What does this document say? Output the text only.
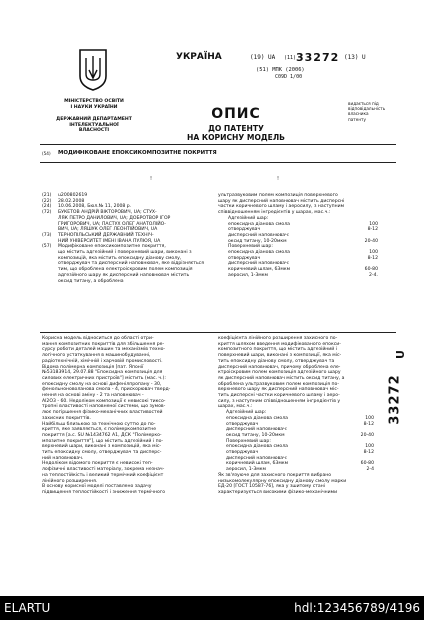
МІНІСТЕРСТВО ОСВІТИ
І НАУКИ УКРАЇНИ
ДЕРЖАВНИЙ ДЕПАРТАМЕНТ
ІНТЕЛЕКТУАЛЬНОЇ
ВЛАСНОСТІ
УКРАЇНА	(19) UA (11) 33272 (13) U
(51) МПК (2006)
C09D 1/00
видається під
відповідальність
власника
патенту
ОПИС
ДО ПАТЕНТУ
НА КОРИСНУ МОДЕЛЬ
(54) МОДИФІКОВАНЕ ЕПОКСИКОМПОЗИТНЕ ПОКРИТТЯ
!	!
(21)	u200802619
(22)	28.02.2008
(24)	10.06.2008, Бюл.№ 11, 2008 р.
(72)	БУКЕТОВ АНДРІЙ ВІКТОРОВИЧ, UA; СТУХ-
ЛЯК ПЕТРО ДАНИЛОВИЧ, UA; ДОБРОТВОР ІГОР
ГРИГОРОВИЧ, UA; ПАСТУХ ОЛЕГ АНАТОЛІЙО-
ВИЧ, UA; ЛЯШУК ОЛЕГ ЛЕОНТІЙОВИЧ, UA
(73)	ТЕРНОПІЛЬСЬКИЙ ДЕРЖАВНИЙ ТЕХНІЧ-
НИЙ УНІВЕРСИТЕТ ІМЕНІ ІВАНА ПУЛЮЯ, UA
(57)	Модифіковане епоксикомпозитне покриття,
що містить адгезійний і поверхневий шари, виконані з
композицій, яка містить епоксидну діанову смолу,
отверджувач та дисперсний наповнювач, яке відрізняється
тим, що оброблена електроіскровим полем композиція
адгезійного шару як дисперсний наповнювач містить
оксид титану, а оброблена
ультразвуковим полем композиція поверхневого
шару як дисперсний наповнювач містить дисперсні
частки коричневого шламу і аеросилу, з наступним
співвідношенням інгредієнтів у шарах, мас.ч.:
Адгезійний шар:
епоксидна діанова смола	100
отверджувач	8-12
дисперсний наповнювач:
оксид титану, 10-20мкм	20-40
Поверхневий шар:
епоксидна діанова смола	100
отверджувач	8-12
дисперсний наповнювач:
коричневий шлам, 63мкм	60-80
аеросил, 1-3мкм	2-4.
Корисна модель відноситься до області отри-
мання композитних покриттів для збільшення ре-
сурсу роботи деталей машин та механізмів техно-
логічного устаткування в машинобудуванні,
радіотехнічній, хімічній і харчовій промисловості.
Відома полімерна композиція [пат. Японії
№53183914, 29.07.88 "Епоксидна композиція для
силових електричних пристроїв"] містить (мас. ч.):
епоксидну смолу на основі дифенілпропану - 30,
фенольноноволанова смола - 4, прискорювач тверд-
нення на основі аміну - 2 та наповнювач -
Al2O3 - 60. Недоліком композиції є невисокі тиксо-
тропні властивості наповненої системи, що зумов-
лює погіршення фізико-механічних властивостей
захисних покриттів.
Найбільш близькою за технічною суттю до по-
криття, яке заявляється, є полімеркомпозитне
покриття [а.с. SU №1434762 А1, ДСК "Полімерко-
мпозитне покриття"], що містить адгезійний і по-
верхневий шари, виконані з композицій, яка міс-
тить епоксидну смолу, отверджувач та дисперс-
ний наповнювач.
Недоліком відомого покриття є невисокі теп-
лофізичні властивості матеріалу, зокрема незнач-
на теплостійкість і великий термічний коефіцієнт
лінійного розширення.
В основу корисної моделі поставлено задачу
підвищення теплостійкості і зниження термічного
коефіцієнта лінійного розширення захисного по-
криття шляхом введення модифікованого епокси-
композитного покриття, що містить адгезійний і
поверхневий шари, виконані з композиції, яка міс-
тить епоксидну діанову смолу, отверджувач та
дисперсний наповнювач, причому оброблена еле-
ктроіскровим полем композиція адгезійного шару
як дисперсний наповнювач містить оксид титану, а
оброблена ультразвуковим полем композиція по-
верхневого шару як дисперсний наповнювач міс-
тить дисперсні частки коричневого шламу і аеро-
силу, з наступним співвідношенням інгредієнтів у
шарах, мас.ч.:
Адгезійний шар:
епоксидна діанова смола	100
отверджувач	8-12
дисперсний наповнювач:
оксид титану, 10-20мкм	20-40
Поверхневий шар:
епоксидна діанова смола	100
отверджувач	8-12
дисперсний наповнювач:
коричневий шлам, 63мкм	60-80
аеросил, 1-3мкм	2-4
Як зв'язуюче для захисного покриття вибрано
низькомолекулярну епоксидну діанову смолу марки
ЕД-20 [ГОСТ 10587-76], яка у зшитому стані
характеризується високими фізико-механічними
U
33272
ELARTU	hdl:123456789/4196
